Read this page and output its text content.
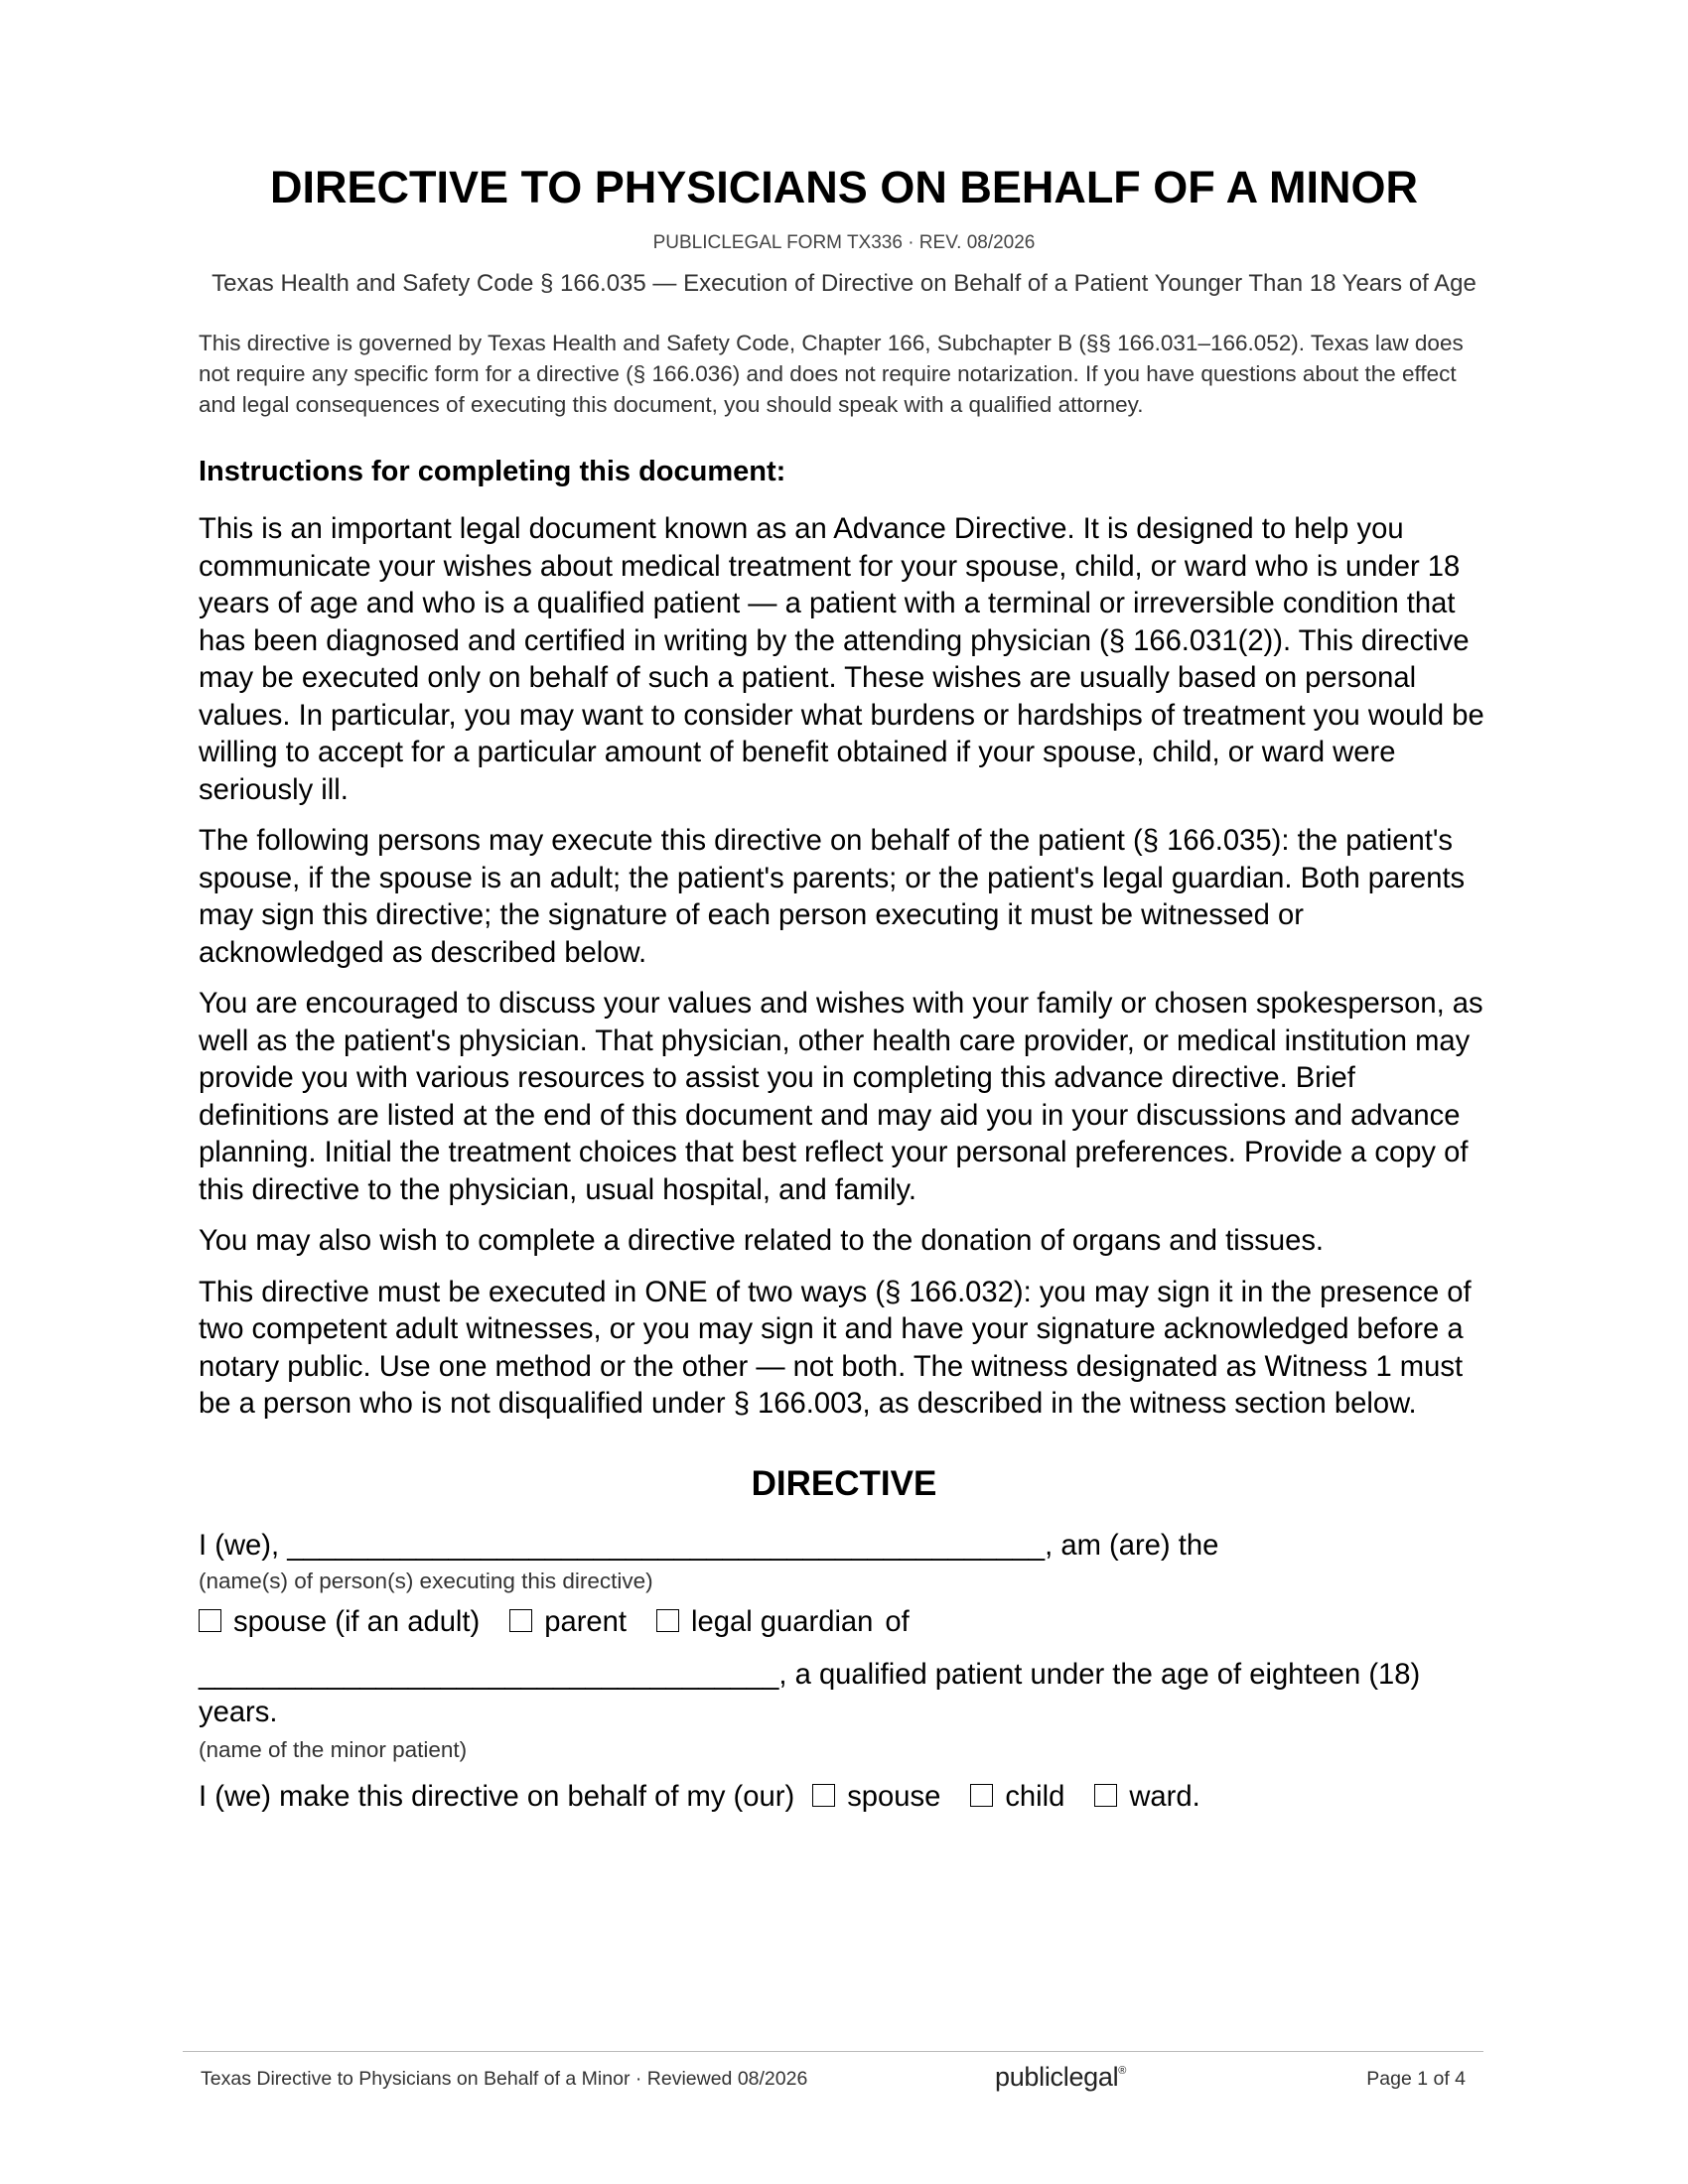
DIRECTIVE TO PHYSICIANS ON BEHALF OF A MINOR
PUBLICLEGAL FORM TX336 · REV. 08/2026
Texas Health and Safety Code § 166.035 — Execution of Directive on Behalf of a Patient Younger Than 18 Years of Age
This directive is governed by Texas Health and Safety Code, Chapter 166, Subchapter B (§§ 166.031–166.052). Texas law does not require any specific form for a directive (§ 166.036) and does not require notarization. If you have questions about the effect and legal consequences of executing this document, you should speak with a qualified attorney.
Instructions for completing this document:
This is an important legal document known as an Advance Directive. It is designed to help you communicate your wishes about medical treatment for your spouse, child, or ward who is under 18 years of age and who is a qualified patient — a patient with a terminal or irreversible condition that has been diagnosed and certified in writing by the attending physician (§ 166.031(2)). This directive may be executed only on behalf of such a patient. These wishes are usually based on personal values. In particular, you may want to consider what burdens or hardships of treatment you would be willing to accept for a particular amount of benefit obtained if your spouse, child, or ward were seriously ill.
The following persons may execute this directive on behalf of the patient (§ 166.035): the patient's spouse, if the spouse is an adult; the patient's parents; or the patient's legal guardian. Both parents may sign this directive; the signature of each person executing it must be witnessed or acknowledged as described below.
You are encouraged to discuss your values and wishes with your family or chosen spokesperson, as well as the patient's physician. That physician, other health care provider, or medical institution may provide you with various resources to assist you in completing this advance directive. Brief definitions are listed at the end of this document and may aid you in your discussions and advance planning. Initial the treatment choices that best reflect your personal preferences. Provide a copy of this directive to the physician, usual hospital, and family.
You may also wish to complete a directive related to the donation of organs and tissues.
This directive must be executed in ONE of two ways (§ 166.032): you may sign it in the presence of two competent adult witnesses, or you may sign it and have your signature acknowledged before a notary public. Use one method or the other — not both. The witness designated as Witness 1 must be a person who is not disqualified under § 166.003, as described in the witness section below.
DIRECTIVE
I (we), _______________________________________________, am (are) the
(name(s) of person(s) executing this directive)
spouse (if an adult) parent legal guardian of
____________________________________, a qualified patient under the age of eighteen (18) years.
(name of the minor patient)
I (we) make this directive on behalf of my (our) spouse child ward.
Texas Directive to Physicians on Behalf of a Minor · Reviewed 08/2026	publiclegal®	Page 1 of 4
